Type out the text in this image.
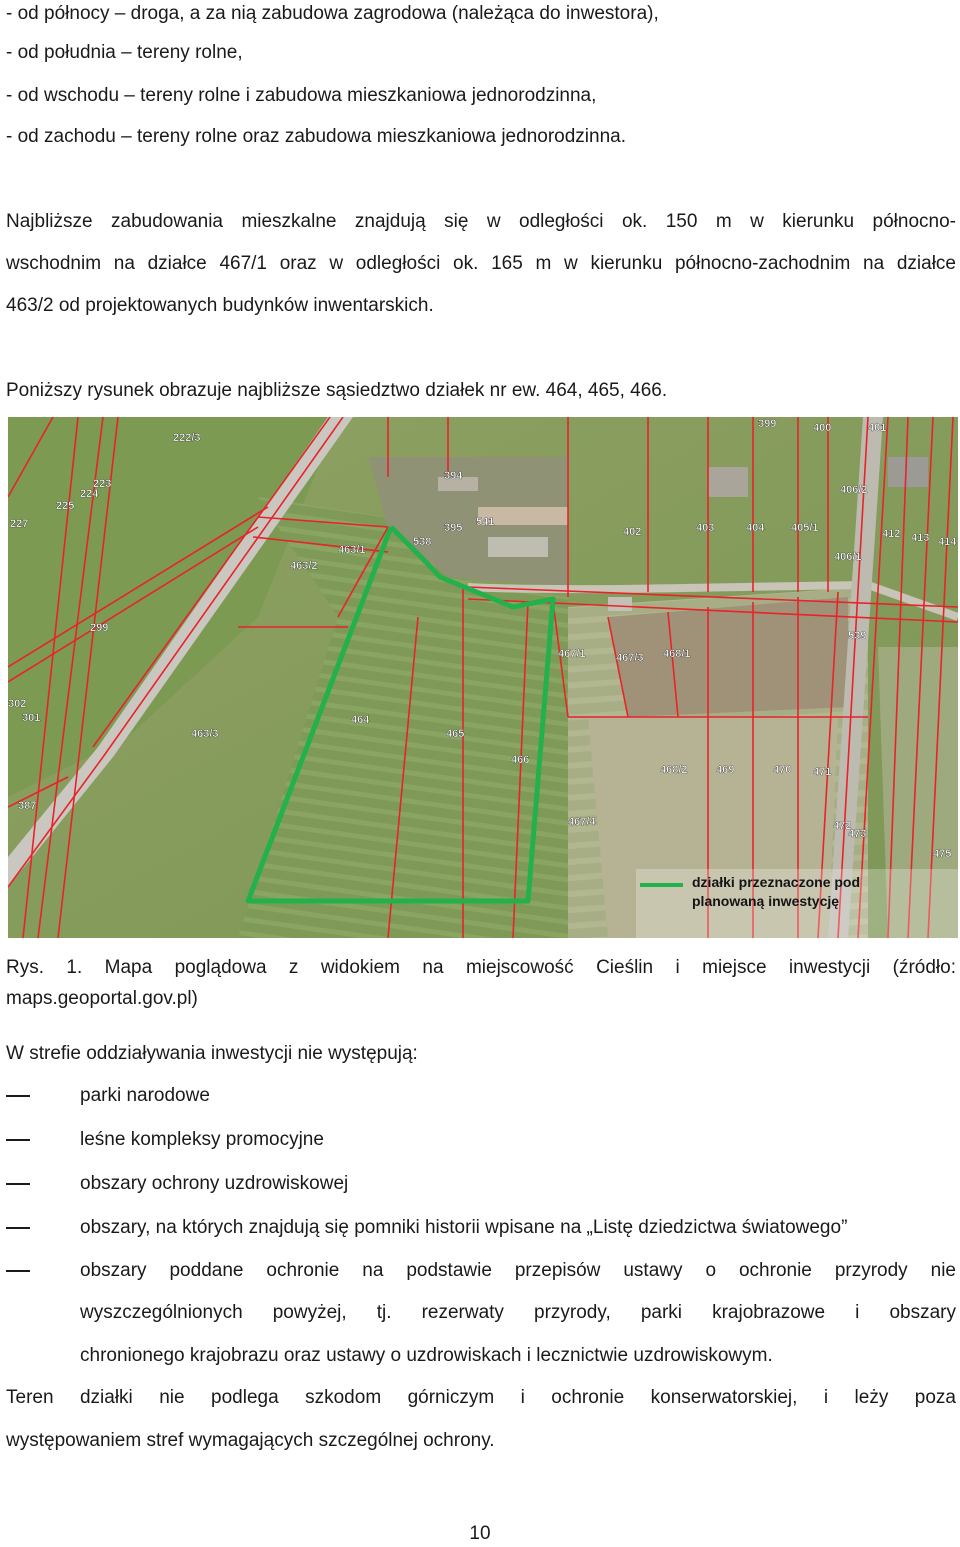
- od północy – droga, a za nią zabudowa zagrodowa (należąca do inwestora),
- od południa – tereny rolne,
- od wschodu – tereny rolne i zabudowa mieszkaniowa jednorodzinna,
- od zachodu – tereny rolne oraz zabudowa mieszkaniowa jednorodzinna.
Najbliższe zabudowania mieszkalne znajdują się w odległości ok. 150 m w kierunku północno-
wschodnim na działce 467/1 oraz w odległości ok. 165 m w kierunku północno-zachodnim na działce
463/2 od projektowanych budynków inwentarskich.
Poniższy rysunek obrazuje najbliższe sąsiedztwo działek nr ew. 464, 465, 466.
222/3
399	400	401
394
406/2
223
224
225
227	395 541
402	403	404 405/1	412 413 414
463/1
538
406/1
463/2
539
299
467/1	467/3 468/1
302
301
463/3
464
465
466
468/2	469	470 471
387
467/4	472
473
475
działki przeznaczone pod
planowaną inwestycję
Rys. 1. Mapa poglądowa z widokiem na miejscowość Cieślin i miejsce inwestycji (źródło:
maps.geoportal.gov.pl)
W strefie oddziaływania inwestycji nie występują:
parki narodowe
leśne kompleksy promocyjne
obszary ochrony uzdrowiskowej
obszary, na których znajdują się pomniki historii wpisane na „Listę dziedzictwa światowego”
obszary poddane ochronie na podstawie przepisów ustawy o ochronie przyrody nie
wyszczególnionych powyżej, tj. rezerwaty przyrody, parki krajobrazowe i obszary
chronionego krajobrazu oraz ustawy o uzdrowiskach i lecznictwie uzdrowiskowym.
Teren działki nie podlega szkodom górniczym i ochronie konserwatorskiej, i leży poza
występowaniem stref wymagających szczególnej ochrony.
10
